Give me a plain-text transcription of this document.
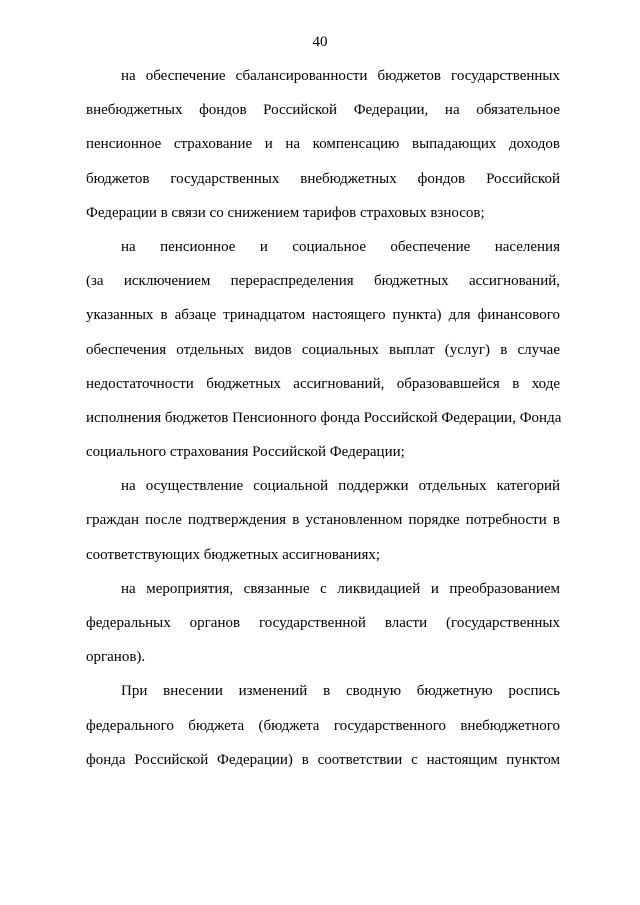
40
на обеспечение сбалансированности бюджетов государственных
внебюджетных фондов Российской Федерации, на обязательное
пенсионное страхование и на компенсацию выпадающих доходов
бюджетов государственных внебюджетных фондов Российской
Федерации в связи со снижением тарифов страховых взносов;
на пенсионное и социальное обеспечение населения
(за исключением перераспределения бюджетных ассигнований,
указанных в абзаце тринадцатом настоящего пункта) для финансового
обеспечения отдельных видов социальных выплат (услуг) в случае
недостаточности бюджетных ассигнований, образовавшейся в ходе
исполнения бюджетов Пенсионного фонда Российской Федерации, Фонда
социального страхования Российской Федерации;
на осуществление социальной поддержки отдельных категорий
граждан после подтверждения в установленном порядке потребности в
соответствующих бюджетных ассигнованиях;
на мероприятия, связанные с ликвидацией и преобразованием
федеральных органов государственной власти (государственных
органов).
При внесении изменений в сводную бюджетную роспись
федерального бюджета (бюджета государственного внебюджетного
фонда Российской Федерации) в соответствии с настоящим пунктом
